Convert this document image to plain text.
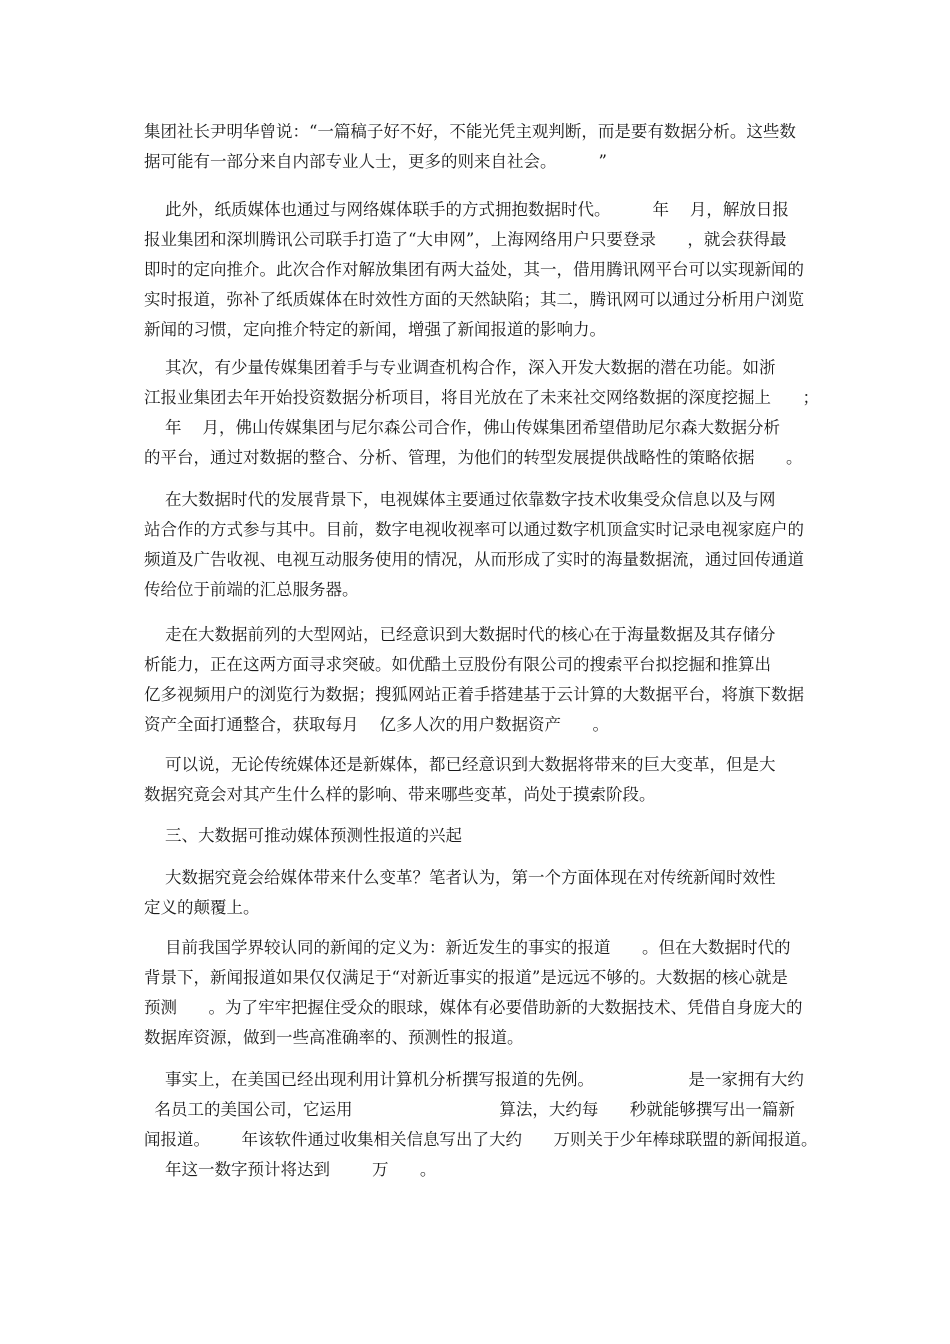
集团社长尹明华曾说：“一篇稿子好不好，不能光凭主观判断，而是要有数据分析。这些数
据可能有一部分来自内部专业人士，更多的则来自社会。        ”
此外，纸质媒体也通过与网络媒体联手的方式拥抱数据时代。        年    月，解放日报
报业集团和深圳腾讯公司联手打造了“大申网”，上海网络用户只要登录      ，就会获得最
即时的定向推介。此次合作对解放集团有两大益处，其一，借用腾讯网平台可以实现新闻的
实时报道，弥补了纸质媒体在时效性方面的天然缺陷；其二，腾讯网可以通过分析用户浏览
新闻的习惯，定向推介特定的新闻，增强了新闻报道的影响力。
其次，有少量传媒集团着手与专业调查机构合作，深入开发大数据的潜在功能。如浙
江报业集团去年开始投资数据分析项目，将目光放在了未来社交网络数据的深度挖掘上      ；
年    月，佛山传媒集团与尼尔森公司合作，佛山传媒集团希望借助尼尔森大数据分析
的平台，通过对数据的整合、分析、管理，为他们的转型发展提供战略性的策略依据      。
在大数据时代的发展背景下，电视媒体主要通过依靠数字技术收集受众信息以及与网
站合作的方式参与其中。目前，数字电视收视率可以通过数字机顶盒实时记录电视家庭户的
频道及广告收视、电视互动服务使用的情况，从而形成了实时的海量数据流，通过回传通道
传给位于前端的汇总服务器。
走在大数据前列的大型网站，已经意识到大数据时代的核心在于海量数据及其存储分
析能力，正在这两方面寻求突破。如优酷土豆股份有限公司的搜索平台拟挖掘和推算出
亿多视频用户的浏览行为数据；搜狐网站正着手搭建基于云计算的大数据平台，将旗下数据
资产全面打通整合，获取每月    亿多人次的用户数据资产      。
可以说，无论传统媒体还是新媒体，都已经意识到大数据将带来的巨大变革，但是大
数据究竟会对其产生什么样的影响、带来哪些变革，尚处于摸索阶段。
三、大数据可推动媒体预测性报道的兴起
大数据究竟会给媒体带来什么变革？笔者认为，第一个方面体现在对传统新闻时效性
定义的颠覆上。
目前我国学界较认同的新闻的定义为：新近发生的事实的报道      。但在大数据时代的
背景下，新闻报道如果仅仅满足于“对新近事实的报道”是远远不够的。大数据的核心就是
预测      。为了牢牢把握住受众的眼球，媒体有必要借助新的大数据技术、凭借自身庞大的
数据库资源，做到一些高准确率的、预测性的报道。
事实上，在美国已经出现利用计算机分析撰写报道的先例。                  是一家拥有大约
名员工的美国公司，它运用                            算法，大约每      秒就能够撰写出一篇新
闻报道。      年该软件通过收集相关信息写出了大约      万则关于少年棒球联盟的新闻报道。
年这一数字预计将达到        万      。
